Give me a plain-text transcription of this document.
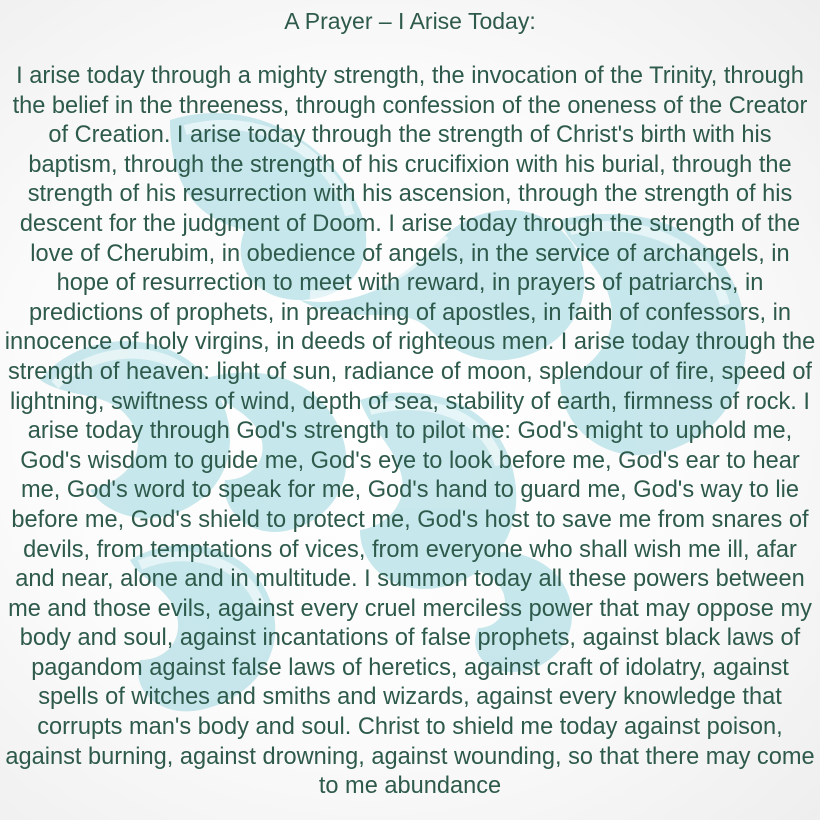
A Prayer – I Arise Today:

I arise today through a mighty strength, the invocation of the Trinity, through the belief in the threeness, through confession of the oneness of the Creator of Creation. I arise today through the strength of Christ's birth with his baptism, through the strength of his crucifixion with his burial, through the strength of his resurrection with his ascension, through the strength of his descent for the judgment of Doom. I arise today through the strength of the love of Cherubim, in obedience of angels, in the service of archangels, in hope of resurrection to meet with reward, in prayers of patriarchs, in predictions of prophets, in preaching of apostles, in faith of confessors, in innocence of holy virgins, in deeds of righteous men. I arise today through the strength of heaven: light of sun, radiance of moon, splendour of fire, speed of lightning, swiftness of wind, depth of sea, stability of earth, firmness of rock. I arise today through God's strength to pilot me: God's might to uphold me, God's wisdom to guide me, God's eye to look before me, God's ear to hear me, God's word to speak for me, God's hand to guard me, God's way to lie before me, God's shield to protect me, God's host to save me from snares of devils, from temptations of vices, from everyone who shall wish me ill, afar and near, alone and in multitude. I summon today all these powers between me and those evils, against every cruel merciless power that may oppose my body and soul, against incantations of false prophets, against black laws of pagandom against false laws of heretics, against craft of idolatry, against spells of witches and smiths and wizards, against every knowledge that corrupts man's body and soul. Christ to shield me today against poison, against burning, against drowning, against wounding, so that there may come to me abundance
